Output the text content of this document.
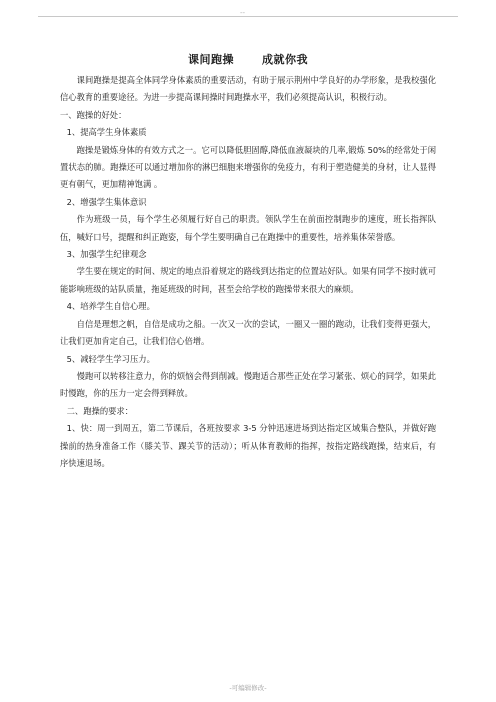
--
课间跑操	成就你我

课间跑操是提高全体同学身体素质的重要活动，有助于展示荆州中学良好的办学形象，是我校强化信心教育的重要途径。为进一步提高课间操时间跑操水平，我们必须提高认识，积极行动。

一、跑操的好处：

1、提高学生身体素质

跑操是锻炼身体的有效方式之一。它可以降低胆固醇,降低血液凝块的几率,锻炼 50%的经常处于闲置状态的肺。跑操还可以通过增加你的淋巴细胞来增强你的免疫力，有利于塑造健美的身材，让人显得更有朝气，更加精神饱满 。

2、增强学生集体意识

作为班级一员，每个学生必须履行好自己的职责。领队学生在前面控制跑步的速度，班长指挥队伍，喊好口号，提醒和纠正跑姿，每个学生要明确自己在跑操中的重要性，培养集体荣誉感。

3、加强学生纪律观念

学生要在规定的时间、规定的地点沿着规定的路线到达指定的位置站好队。如果有同学不按时就可能影响班级的站队质量，拖延班级的时间，甚至会给学校的跑操带来很大的麻烦。

4、培养学生自信心理。

自信是理想之帆，自信是成功之船。一次又一次的尝试，一圈又一圈的跑动，让我们变得更强大，让我们更加肯定自己，让我们信心倍增。

5、减轻学生学习压力。

慢跑可以转移注意力，你的烦恼会得到削减。慢跑适合那些正处在学习紧张、烦心的同学，如果此时慢跑，你的压力一定会得到释放。

二、跑操的要求：

1、快：周一到周五，第二节课后，各班按要求 3-5 分钟迅速进场到达指定区域集合整队，并做好跑操前的热身准备工作（膝关节、踝关节的活动）；听从体育教师的指挥，按指定路线跑操，结束后，有序快速退场。

-可编辑修改-
